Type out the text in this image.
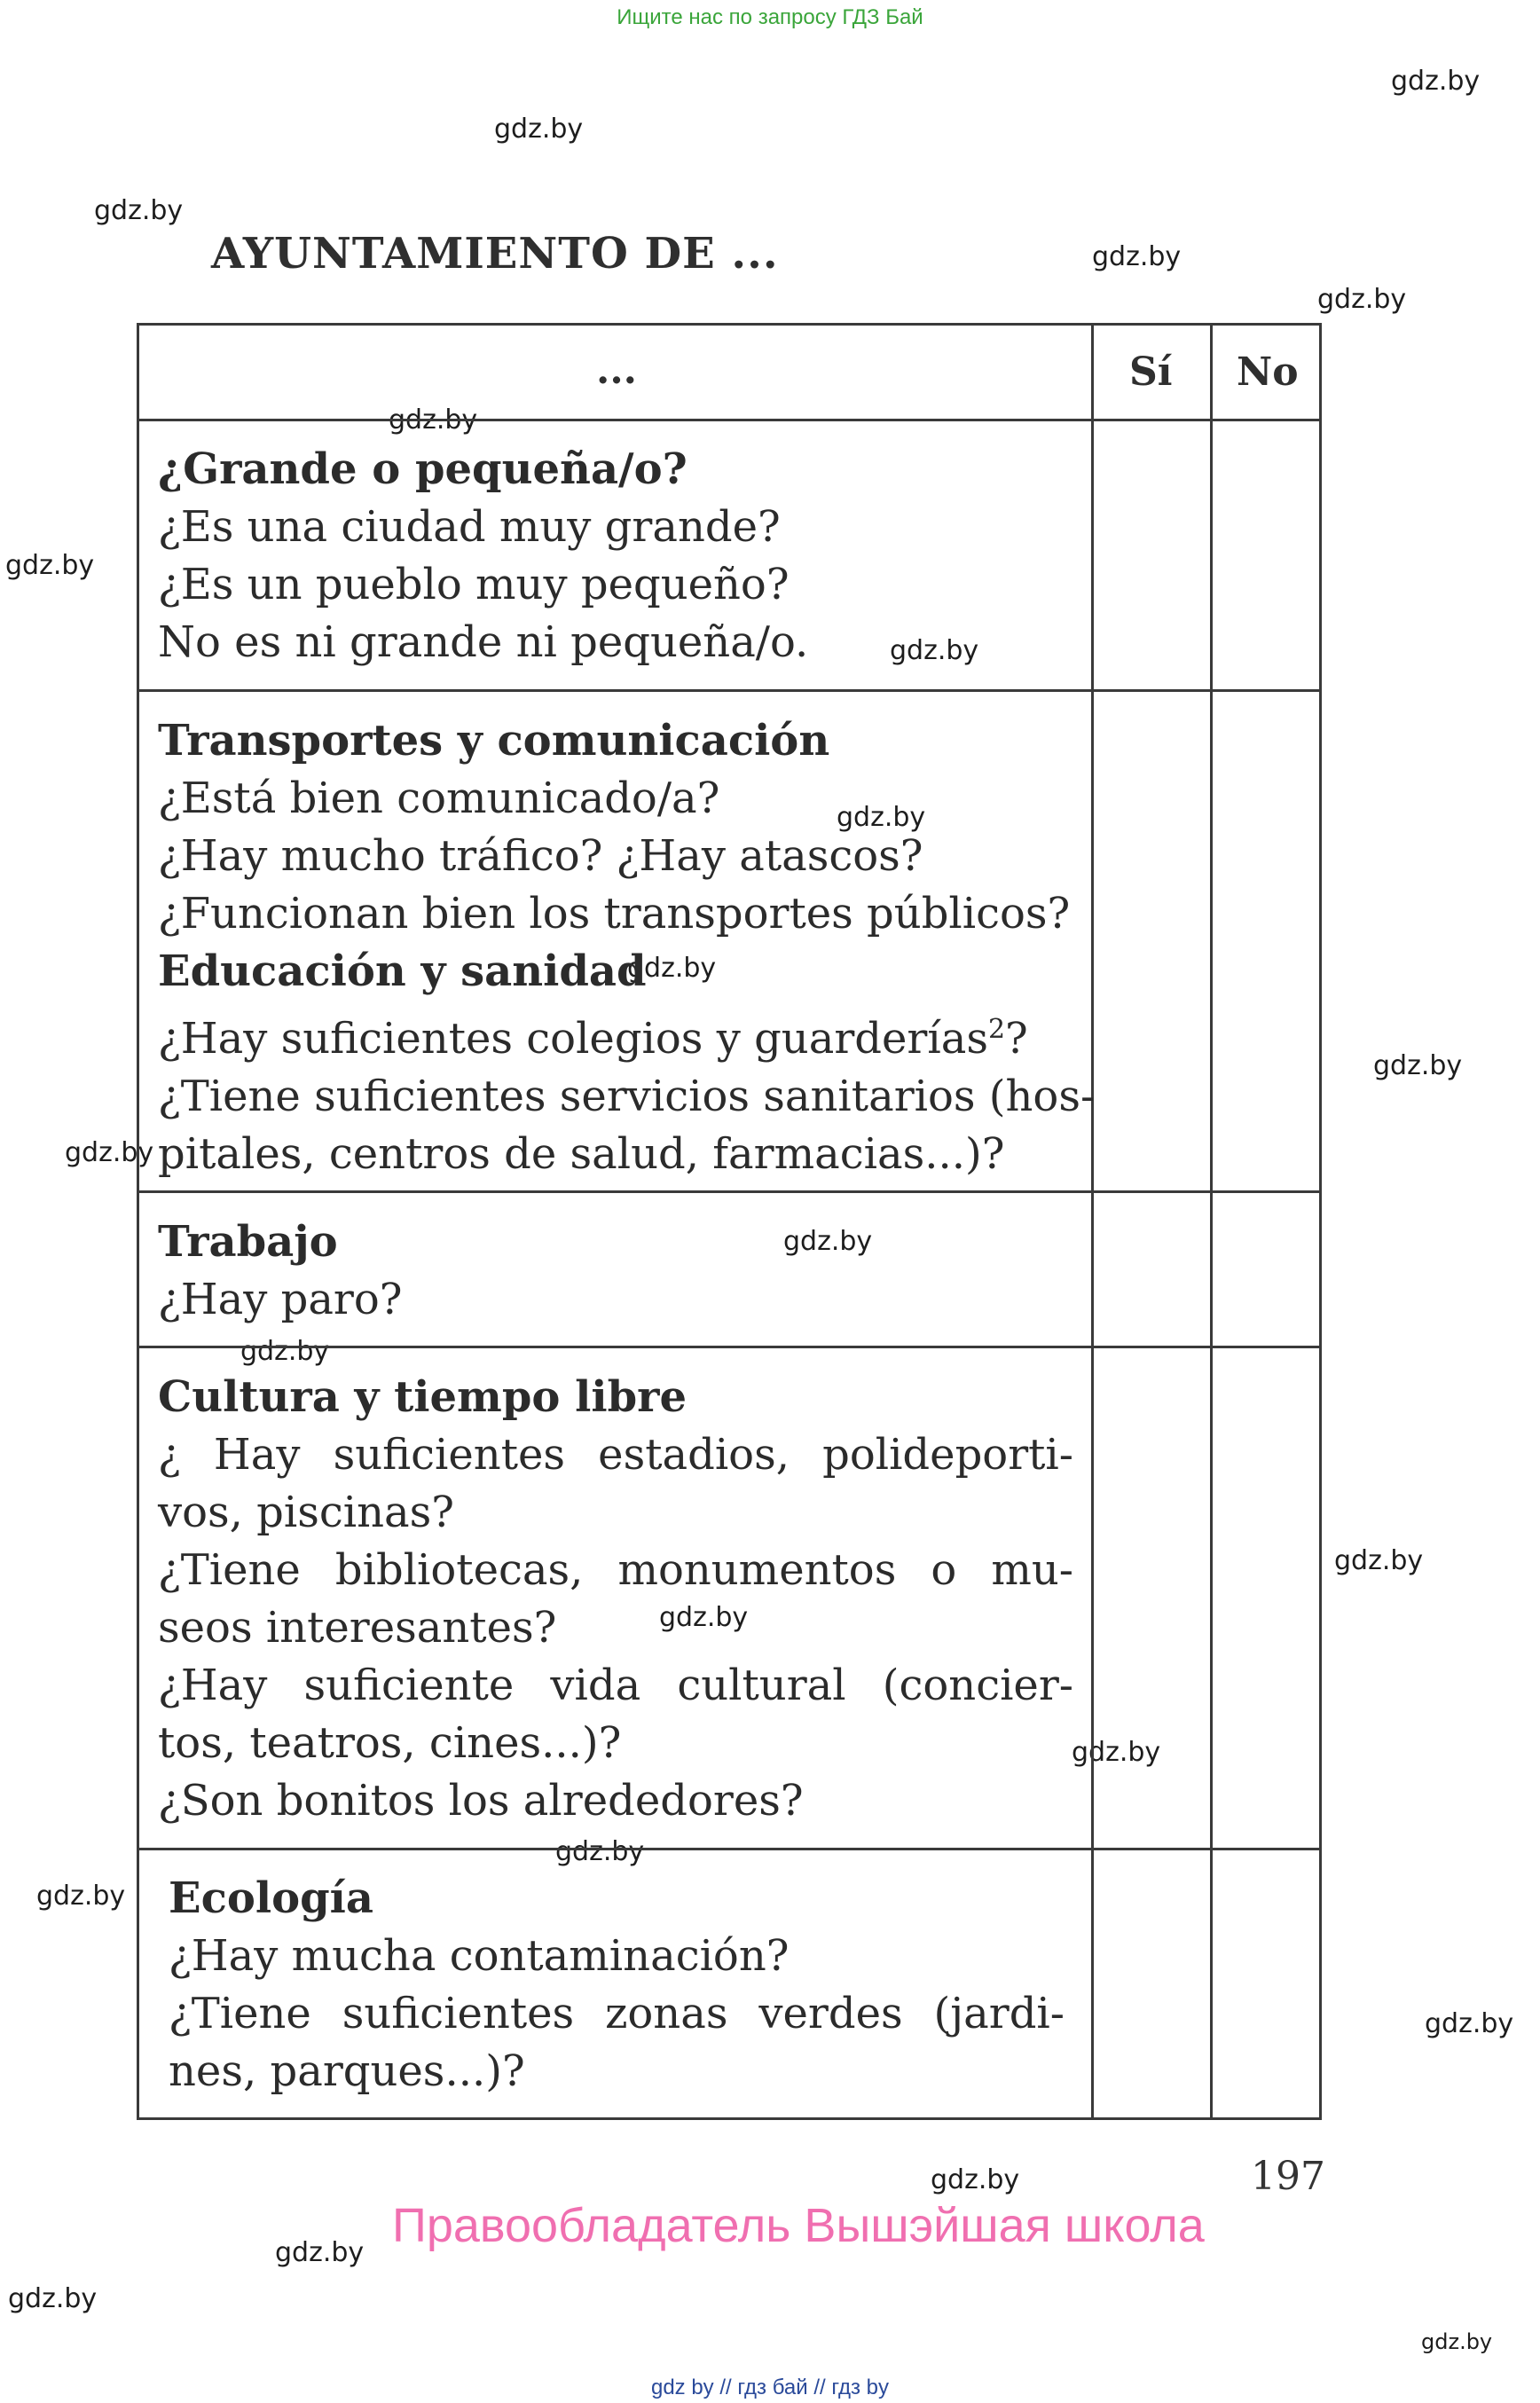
Ищите нас по запросу ГДЗ Бай
gdz.by
gdz.by
gdz.by
gdz.by
gdz.by
gdz.by
gdz.by
gdz.by
gdz.by
gdz.by
gdz.by
gdz.by
gdz.by
gdz.by
gdz.by
gdz.by
gdz.by
gdz.by
gdz.by
gdz.by
gdz.by
gdz.by
gdz.by
gdz.by
AYUNTAMIENTO DE ...
...	Sí No
¿Grande o pequeña/o?
¿Es una ciudad muy grande?
¿Es un pueblo muy pequeño?
No es ni grande ni pequeña/o.
Transportes y comunicación
¿Está bien comunicado/a?
¿Hay mucho tráfico? ¿Hay atascos?
¿Funcionan bien los transportes públicos?
Educación y sanidad
¿Hay suficientes colegios y guarderías$^2$?
¿Tiene suficientes servicios sanitarios (hos-
pitales, centros de salud, farmacias...)?
Trabajo
¿Hay paro?
Cultura y tiempo libre
¿ Hay suficientes estadios, polideporti-
vos, piscinas?
¿Tiene bibliotecas, monumentos o mu-
seos interesantes?
¿Hay suficiente vida cultural (concier-
tos, teatros, cines...)?
¿Son bonitos los alrededores?
Ecología
¿Hay mucha contaminación?
¿Tiene suficientes zonas verdes (jardi-
nes, parques...)?
197
Правообладатель Вышэйшая школа
gdz by // гдз бай // гдз by
